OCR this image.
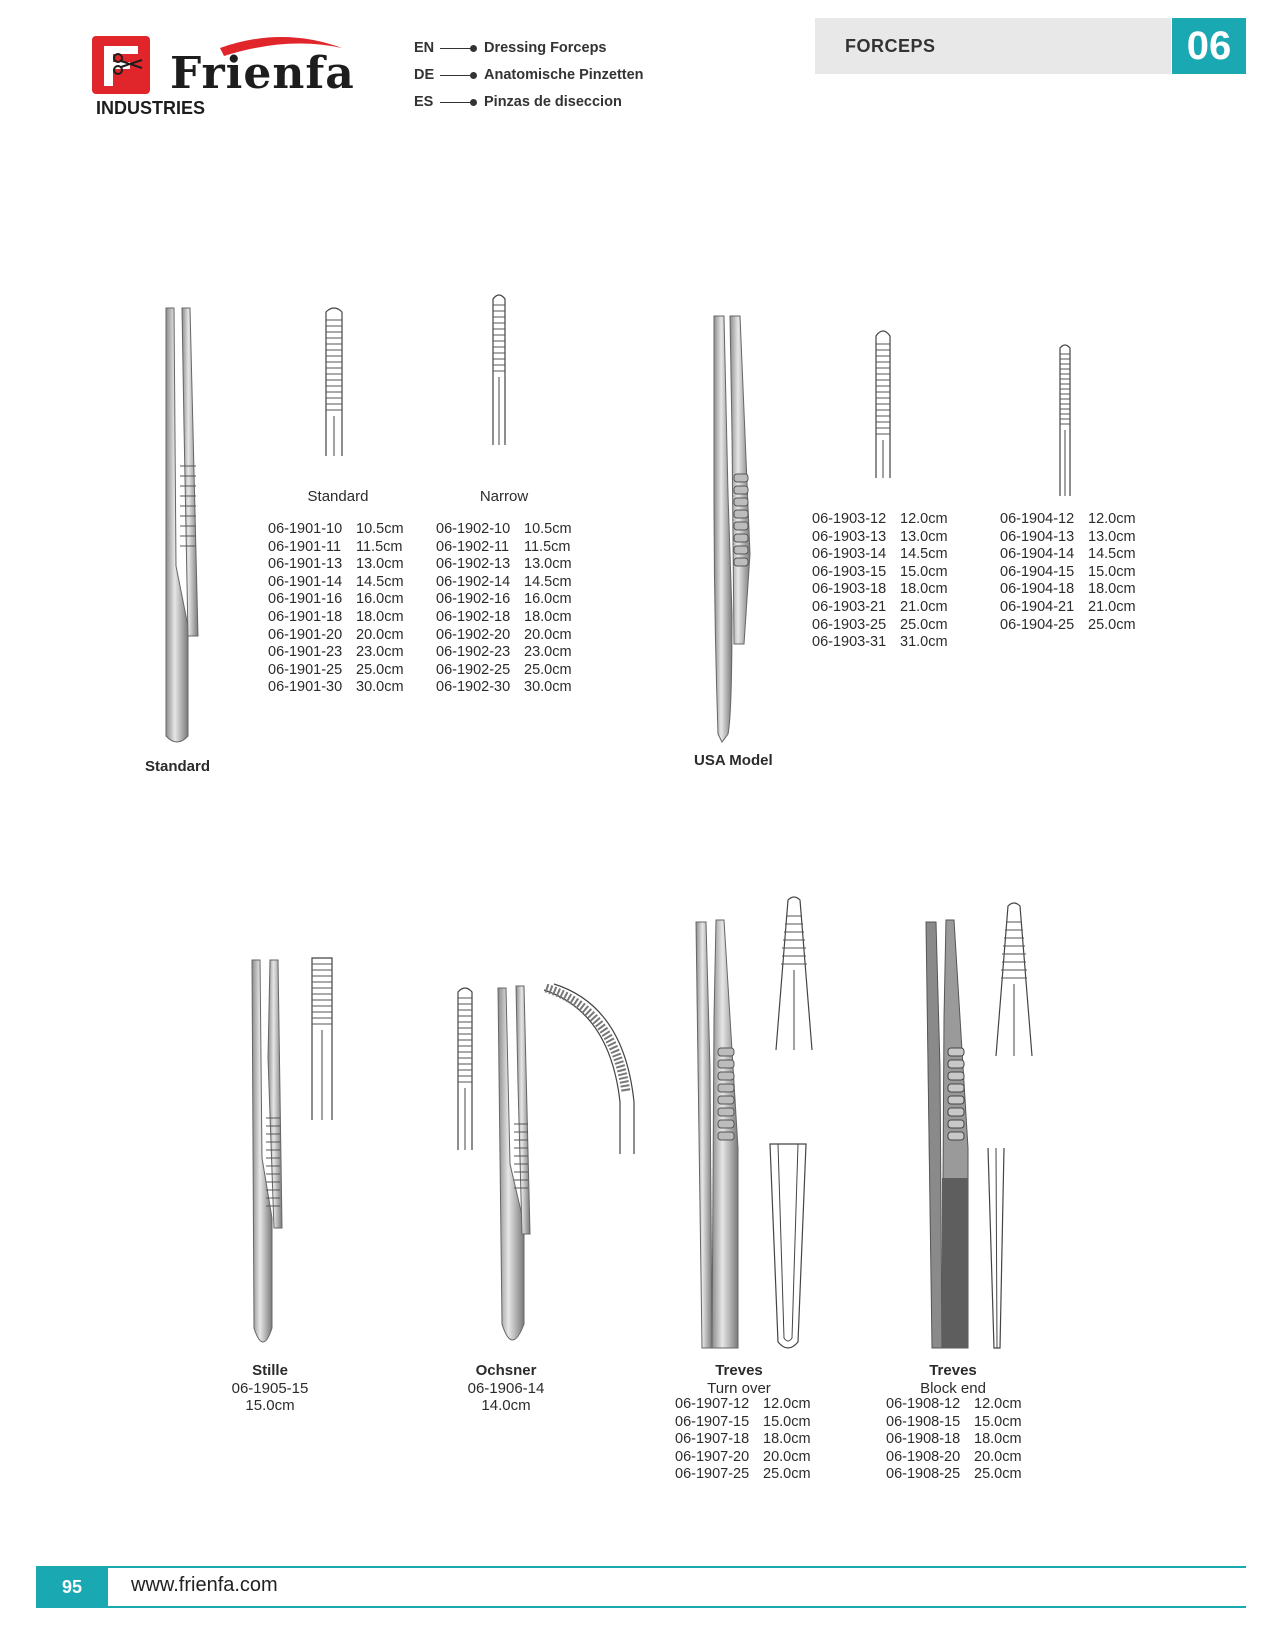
Frienfa
INDUSTRIES
EN	Dressing Forceps
DE	Anatomische Pinzetten
ES	Pinzas de diseccion
FORCEPS	06
Standard
Standard	Narrow
06-1901-10 10.5cm
06-1901-11 11.5cm
06-1901-13 13.0cm
06-1901-14 14.5cm
06-1901-16 16.0cm
06-1901-18 18.0cm
06-1901-20 20.0cm
06-1901-23 23.0cm
06-1901-25 25.0cm
06-1901-30 30.0cm
06-1902-10 10.5cm
06-1902-11 11.5cm
06-1902-13 13.0cm
06-1902-14 14.5cm
06-1902-16 16.0cm
06-1902-18 18.0cm
06-1902-20 20.0cm
06-1902-23 23.0cm
06-1902-25 25.0cm
06-1902-30 30.0cm
USA Model
06-1903-12 12.0cm
06-1903-13 13.0cm
06-1903-14 14.5cm
06-1903-15 15.0cm
06-1903-18 18.0cm
06-1903-21 21.0cm
06-1903-25 25.0cm
06-1903-31 31.0cm
06-1904-12 12.0cm
06-1904-13 13.0cm
06-1904-14 14.5cm
06-1904-15 15.0cm
06-1904-18 18.0cm
06-1904-21 21.0cm
06-1904-25 25.0cm
Stille
06-1905-15
15.0cm
Ochsner
06-1906-14
14.0cm
Treves
Turn over
06-1907-12 12.0cm
06-1907-15 15.0cm
06-1907-18 18.0cm
06-1907-20 20.0cm
06-1907-25 25.0cm
Treves
Block end
06-1908-12 12.0cm
06-1908-15 15.0cm
06-1908-18 18.0cm
06-1908-20 20.0cm
06-1908-25 25.0cm
95	www.frienfa.com
